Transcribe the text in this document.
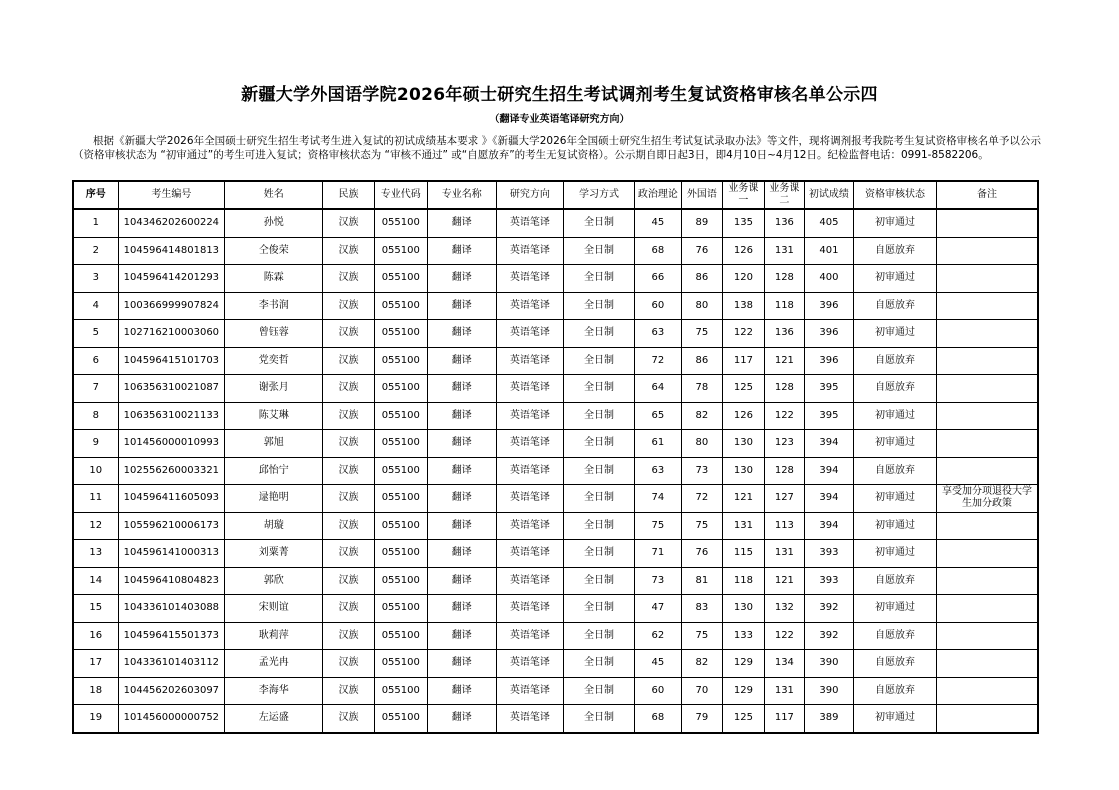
新疆大学外国语学院2026年硕士研究生招生考试调剂考生复试资格审核名单公示四
（翻译专业英语笔译研究方向）
根据《新疆大学2026年全国硕士研究生招生考试考生进入复试的初试成绩基本要求 》《新疆大学2026年全国硕士研究生招生考试复试录取办法》等文件，现将调剂报考我院考生复试资格审核名单予以公示（资格审核状态为 “初审通过”的考生可进入复试；资格审核状态为 “审核不通过” 或“自愿放弃”的考生无复试资格）。公示期自即日起3日，即4月10日~4月12日。纪检监督电话：0991-8582206。
序号	考生编号	姓名	民族	专业代码	专业名称	研究方向	学习方式	政治理论	外国语	业务课一	业务课二	初试成绩	资格审核状态	备注
1	104346202600224	孙悦	汉族	055100	翻译	英语笔译	全日制	45	89	135	136	405	初审通过	
2	104596414801813	仝俊荣	汉族	055100	翻译	英语笔译	全日制	68	76	126	131	401	自愿放弃	
3	104596414201293	陈霖	汉族	055100	翻译	英语笔译	全日制	66	86	120	128	400	初审通过	
4	100366999907824	李书润	汉族	055100	翻译	英语笔译	全日制	60	80	138	118	396	自愿放弃	
5	102716210003060	曾钰蓉	汉族	055100	翻译	英语笔译	全日制	63	75	122	136	396	初审通过	
6	104596415101703	党奕哲	汉族	055100	翻译	英语笔译	全日制	72	86	117	121	396	自愿放弃	
7	106356310021087	谢张月	汉族	055100	翻译	英语笔译	全日制	64	78	125	128	395	自愿放弃	
8	106356310021133	陈艾琳	汉族	055100	翻译	英语笔译	全日制	65	82	126	122	395	初审通过	
9	101456000010993	郭旭	汉族	055100	翻译	英语笔译	全日制	61	80	130	123	394	初审通过	
10	102556260003321	邱怡宁	汉族	055100	翻译	英语笔译	全日制	63	73	130	128	394	自愿放弃	
11	104596411605093	逯艳明	汉族	055100	翻译	英语笔译	全日制	74	72	121	127	394	初审通过	享受加分项退役大学生加分政策
12	105596210006173	胡璇	汉族	055100	翻译	英语笔译	全日制	75	75	131	113	394	初审通过	
13	104596141000313	刘粟菁	汉族	055100	翻译	英语笔译	全日制	71	76	115	131	393	初审通过	
14	104596410804823	郭欣	汉族	055100	翻译	英语笔译	全日制	73	81	118	121	393	自愿放弃	
15	104336101403088	宋则谊	汉族	055100	翻译	英语笔译	全日制	47	83	130	132	392	初审通过	
16	104596415501373	耿莉萍	汉族	055100	翻译	英语笔译	全日制	62	75	133	122	392	自愿放弃	
17	104336101403112	孟光冉	汉族	055100	翻译	英语笔译	全日制	45	82	129	134	390	自愿放弃	
18	104456202603097	李海华	汉族	055100	翻译	英语笔译	全日制	60	70	129	131	390	自愿放弃	
19	101456000000752	左运盛	汉族	055100	翻译	英语笔译	全日制	68	79	125	117	389	初审通过	
